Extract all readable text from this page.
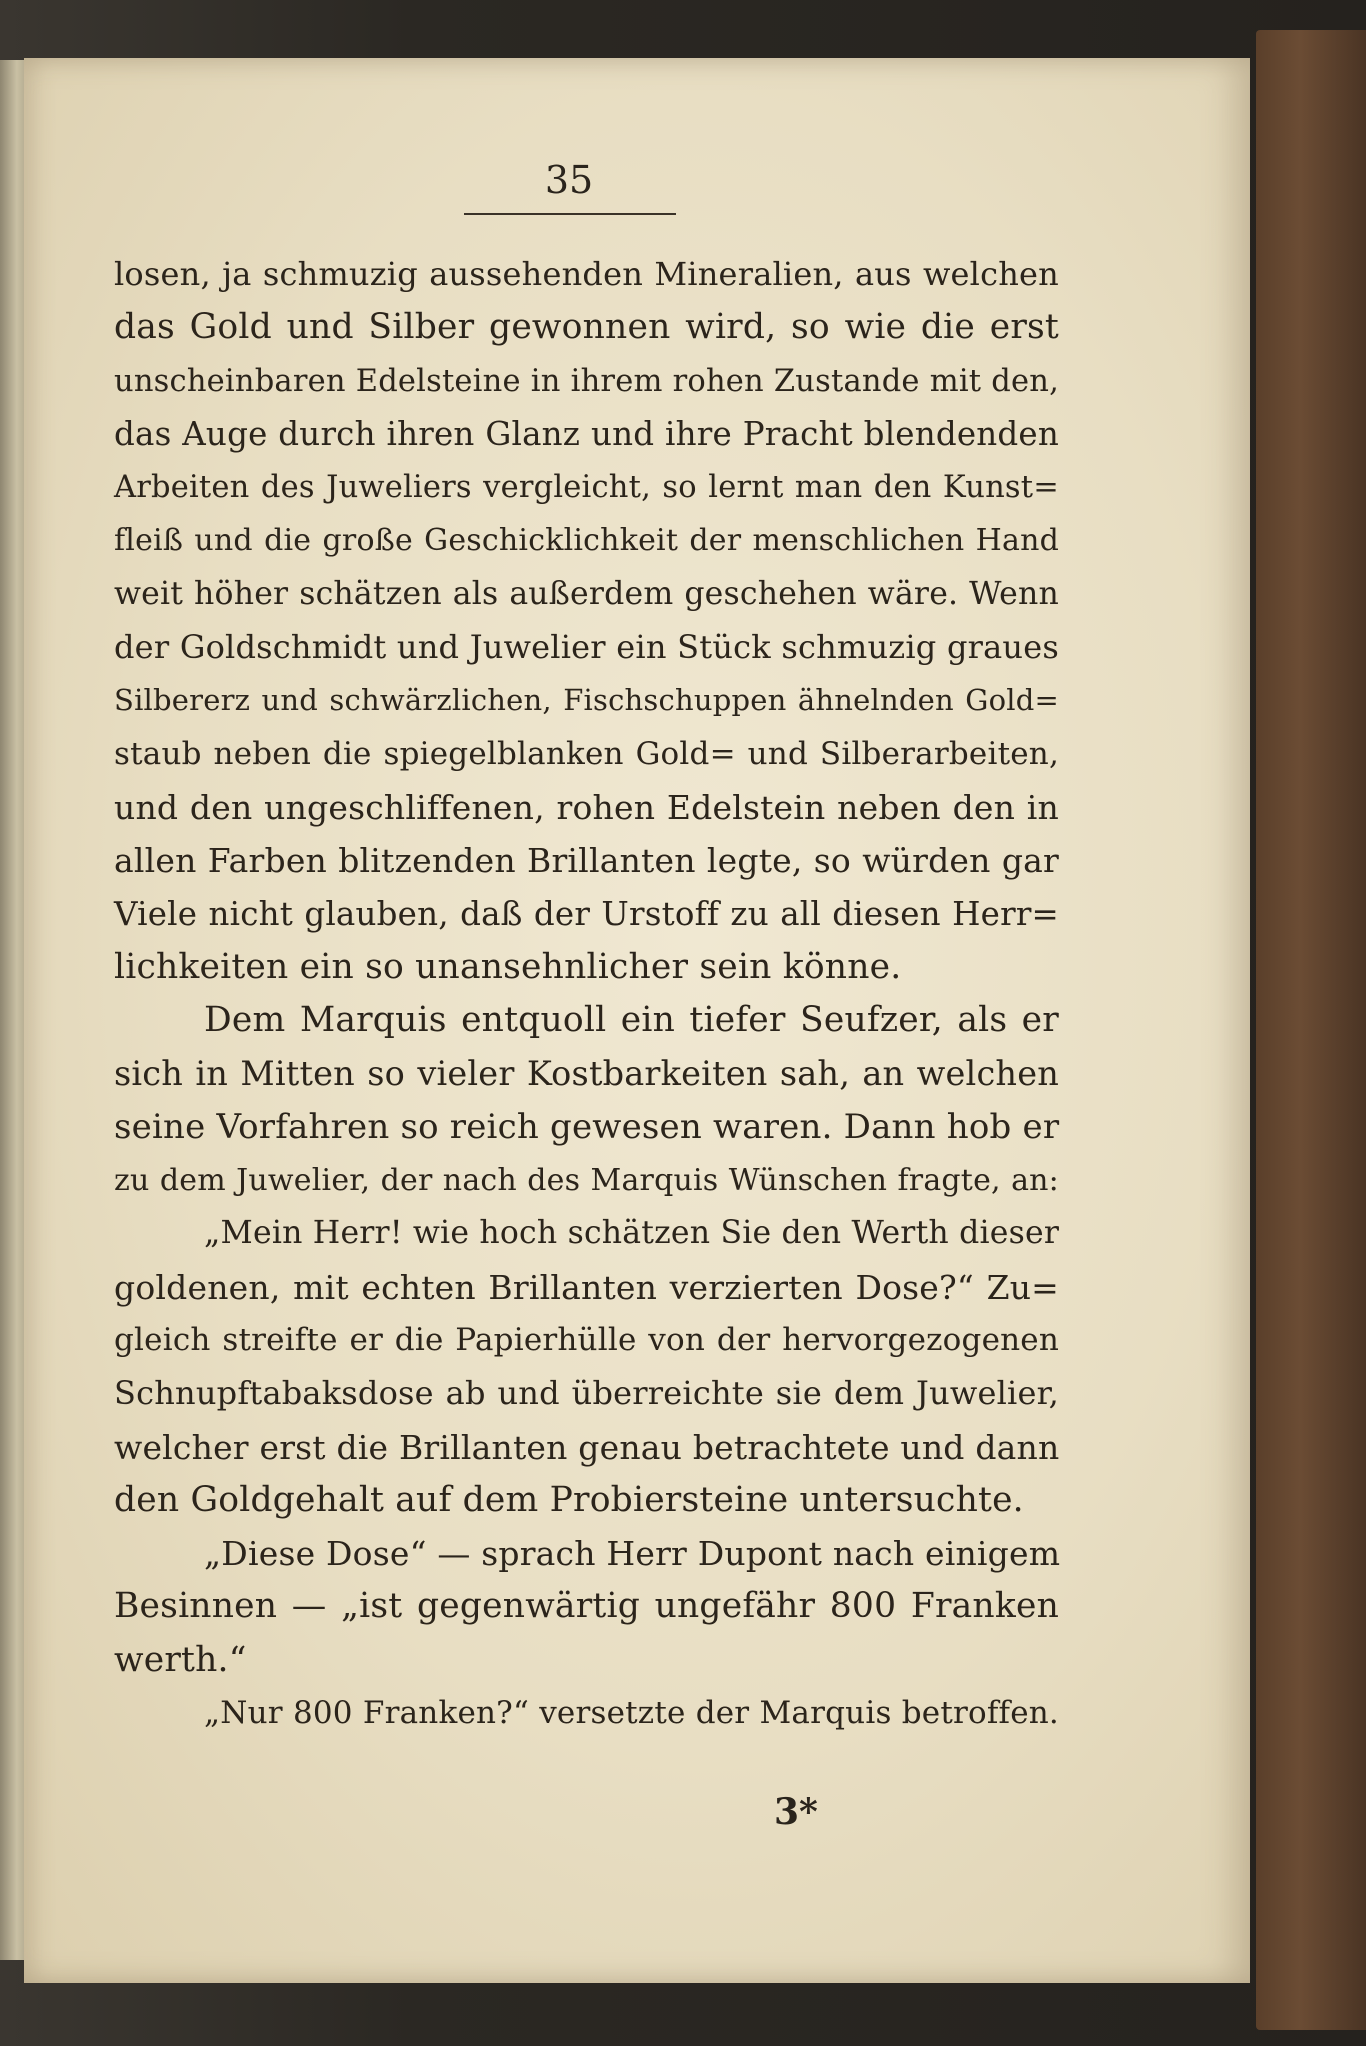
35
losen, ja schmuzig aussehenden Mineralien, aus welchen
das Gold und Silber gewonnen wird, so wie die erst
unscheinbaren Edelsteine in ihrem rohen Zustande mit den,
das Auge durch ihren Glanz und ihre Pracht blendenden
Arbeiten des Juweliers vergleicht, so lernt man den Kunst=
fleiß und die große Geschicklichkeit der menschlichen Hand
weit höher schätzen als außerdem geschehen wäre. Wenn
der Goldschmidt und Juwelier ein Stück schmuzig graues
Silbererz und schwärzlichen, Fischschuppen ähnelnden Gold=
staub neben die spiegelblanken Gold= und Silberarbeiten,
und den ungeschliffenen, rohen Edelstein neben den in
allen Farben blitzenden Brillanten legte, so würden gar
Viele nicht glauben, daß der Urstoff zu all diesen Herr=
lichkeiten ein so unansehnlicher sein könne.
Dem Marquis entquoll ein tiefer Seufzer, als er
sich in Mitten so vieler Kostbarkeiten sah, an welchen
seine Vorfahren so reich gewesen waren. Dann hob er
zu dem Juwelier, der nach des Marquis Wünschen fragte, an:
„Mein Herr! wie hoch schätzen Sie den Werth dieser
goldenen, mit echten Brillanten verzierten Dose?“ Zu=
gleich streifte er die Papierhülle von der hervorgezogenen
Schnupftabaksdose ab und überreichte sie dem Juwelier,
welcher erst die Brillanten genau betrachtete und dann
den Goldgehalt auf dem Probiersteine untersuchte.
„Diese Dose“ — sprach Herr Dupont nach einigem
Besinnen — „ist gegenwärtig ungefähr 800 Franken
werth.“
„Nur 800 Franken?“ versetzte der Marquis betroffen.
3*
